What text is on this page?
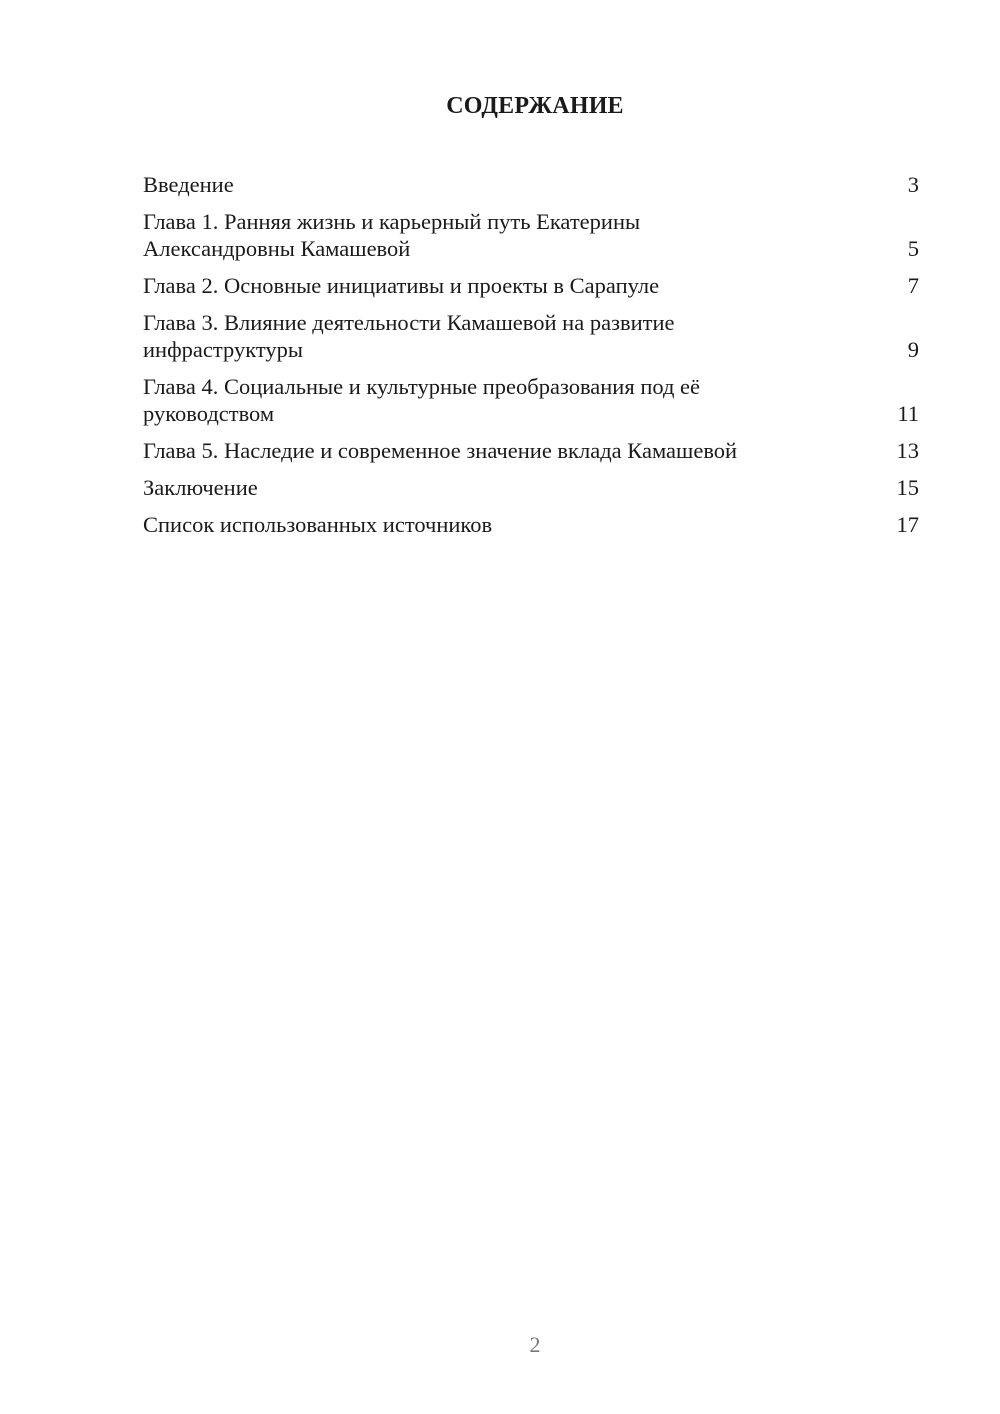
СОДЕРЖАНИЕ
Введение	3
Глава 1. Ранняя жизнь и карьерный путь Екатерины Александровны Камашевой	5
Глава 2. Основные инициативы и проекты в Сарапуле	7
Глава 3. Влияние деятельности Камашевой на развитие инфраструктуры	9
Глава 4. Социальные и культурные преобразования под её руководством	11
Глава 5. Наследие и современное значение вклада Камашевой	13
Заключение	15
Список использованных источников	17
2
